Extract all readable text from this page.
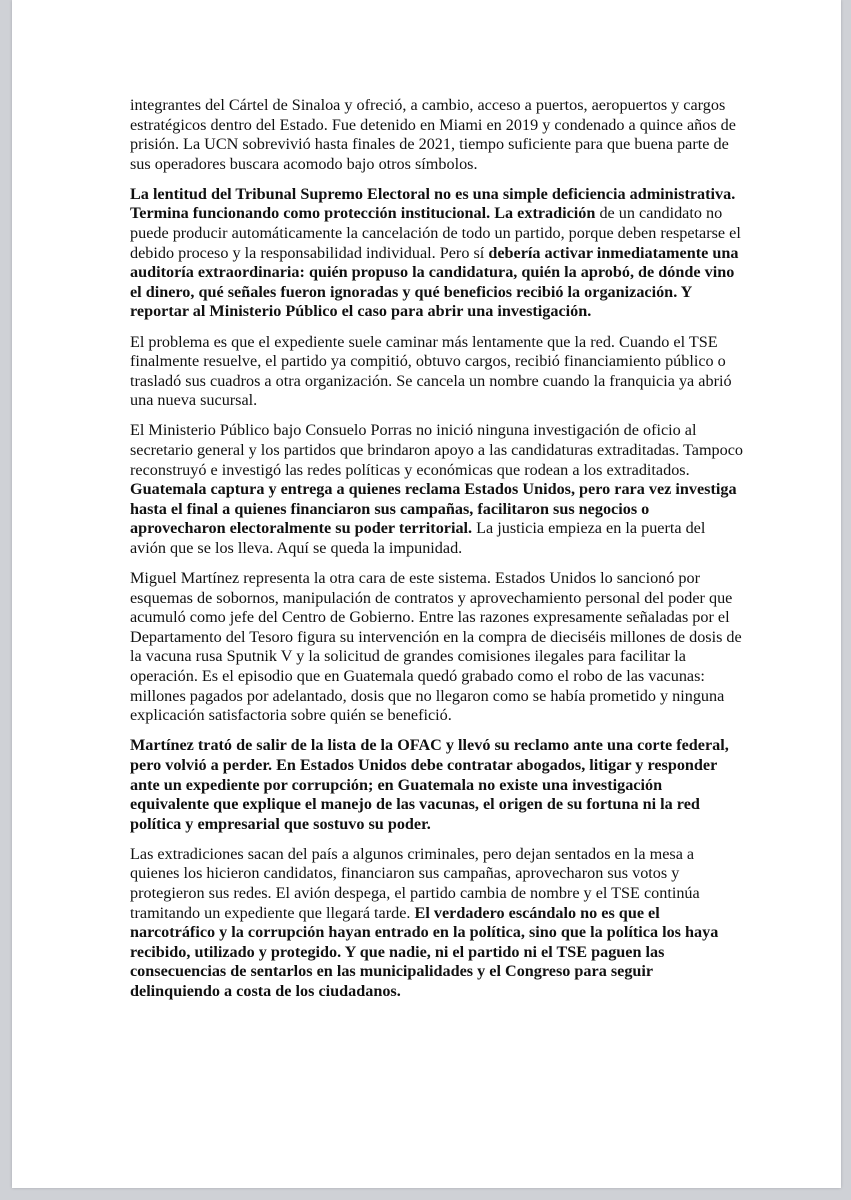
integrantes del Cártel de Sinaloa y ofreció, a cambio, acceso a puertos, aeropuertos y cargos estratégicos dentro del Estado. Fue detenido en Miami en 2019 y condenado a quince años de prisión. La UCN sobrevivió hasta finales de 2021, tiempo suficiente para que buena parte de sus operadores buscara acomodo bajo otros símbolos.

La lentitud del Tribunal Supremo Electoral no es una simple deficiencia administrativa. Termina funcionando como protección institucional. La extradición de un candidato no puede producir automáticamente la cancelación de todo un partido, porque deben respetarse el debido proceso y la responsabilidad individual. Pero sí debería activar inmediatamente una auditoría extraordinaria: quién propuso la candidatura, quién la aprobó, de dónde vino el dinero, qué señales fueron ignoradas y qué beneficios recibió la organización. Y reportar al Ministerio Público el caso para abrir una investigación.

El problema es que el expediente suele caminar más lentamente que la red. Cuando el TSE finalmente resuelve, el partido ya compitió, obtuvo cargos, recibió financiamiento público o trasladó sus cuadros a otra organización. Se cancela un nombre cuando la franquicia ya abrió una nueva sucursal.

El Ministerio Público bajo Consuelo Porras no inició ninguna investigación de oficio al secretario general y los partidos que brindaron apoyo a las candidaturas extraditadas. Tampoco reconstruyó e investigó las redes políticas y económicas que rodean a los extraditados. Guatemala captura y entrega a quienes reclama Estados Unidos, pero rara vez investiga hasta el final a quienes financiaron sus campañas, facilitaron sus negocios o aprovecharon electoralmente su poder territorial. La justicia empieza en la puerta del avión que se los lleva. Aquí se queda la impunidad.

Miguel Martínez representa la otra cara de este sistema. Estados Unidos lo sancionó por esquemas de sobornos, manipulación de contratos y aprovechamiento personal del poder que acumuló como jefe del Centro de Gobierno. Entre las razones expresamente señaladas por el Departamento del Tesoro figura su intervención en la compra de dieciséis millones de dosis de la vacuna rusa Sputnik V y la solicitud de grandes comisiones ilegales para facilitar la operación. Es el episodio que en Guatemala quedó grabado como el robo de las vacunas: millones pagados por adelantado, dosis que no llegaron como se había prometido y ninguna explicación satisfactoria sobre quién se benefició.

Martínez trató de salir de la lista de la OFAC y llevó su reclamo ante una corte federal, pero volvió a perder. En Estados Unidos debe contratar abogados, litigar y responder ante un expediente por corrupción; en Guatemala no existe una investigación equivalente que explique el manejo de las vacunas, el origen de su fortuna ni la red política y empresarial que sostuvo su poder.

Las extradiciones sacan del país a algunos criminales, pero dejan sentados en la mesa a quienes los hicieron candidatos, financiaron sus campañas, aprovecharon sus votos y protegieron sus redes. El avión despega, el partido cambia de nombre y el TSE continúa tramitando un expediente que llegará tarde. El verdadero escándalo no es que el narcotráfico y la corrupción hayan entrado en la política, sino que la política los haya recibido, utilizado y protegido. Y que nadie, ni el partido ni el TSE paguen las consecuencias de sentarlos en las municipalidades y el Congreso para seguir delinquiendo a costa de los ciudadanos.
